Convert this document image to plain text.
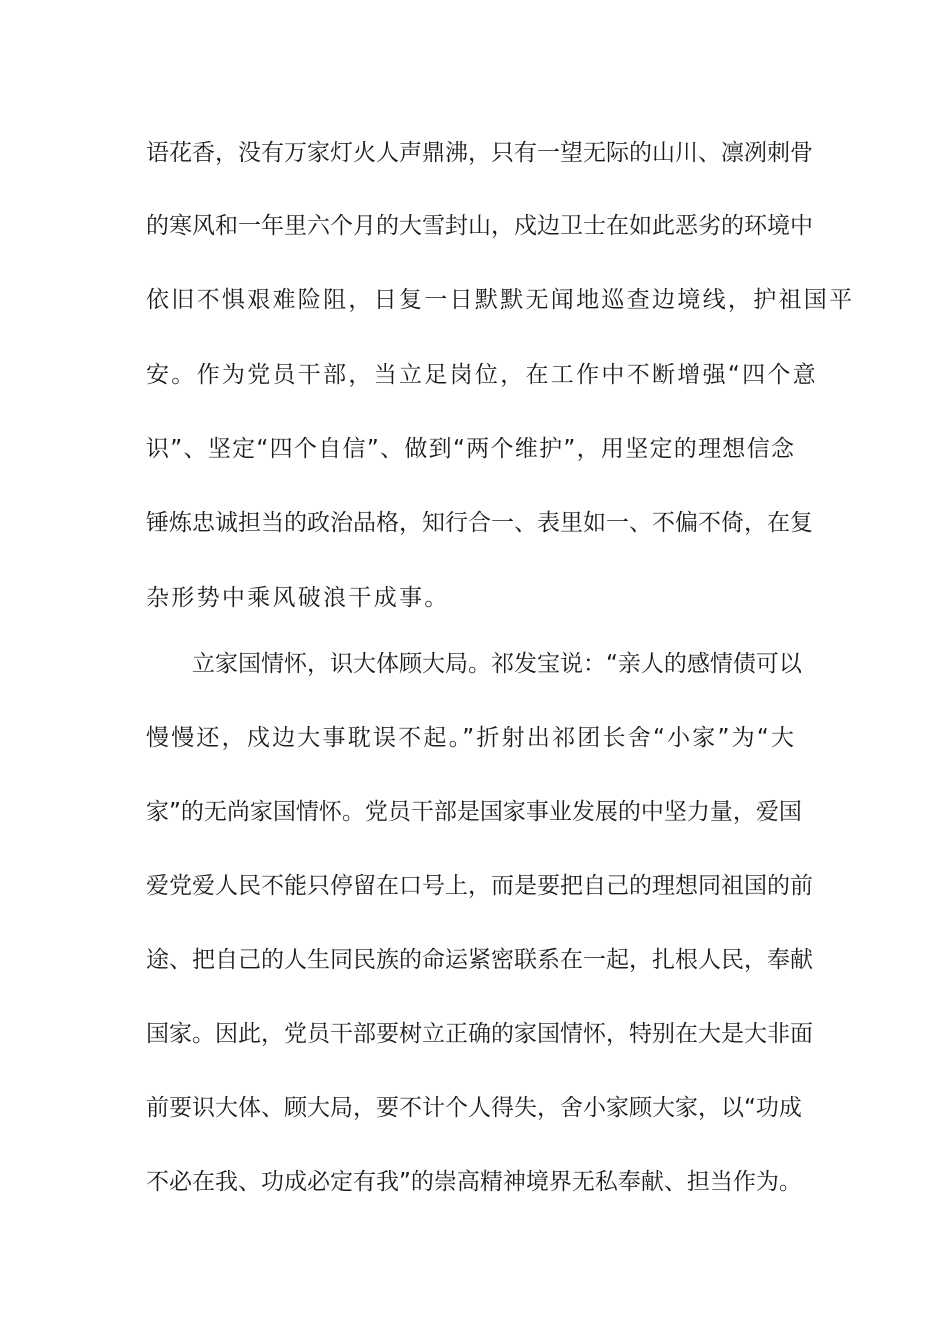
语花香，没有万家灯火人声鼎沸，只有一望无际的山川、凛冽刺骨
的寒风和一年里六个月的大雪封山，戍边卫士在如此恶劣的环境中
依旧不惧艰难险阻，日复一日默默无闻地巡查边境线，护祖国平
安。作为党员干部，当立足岗位，在工作中不断增强“四个意
识”、坚定“四个自信”、做到“两个维护”，用坚定的理想信念
锤炼忠诚担当的政治品格，知行合一、表里如一、不偏不倚，在复
杂形势中乘风破浪干成事。
立家国情怀，识大体顾大局。祁发宝说：“亲人的感情债可以
慢慢还，戍边大事耽误不起。”折射出祁团长舍“小家”为“大
家”的无尚家国情怀。党员干部是国家事业发展的中坚力量，爱国
爱党爱人民不能只停留在口号上，而是要把自己的理想同祖国的前
途、把自己的人生同民族的命运紧密联系在一起，扎根人民，奉献
国家。因此，党员干部要树立正确的家国情怀，特别在大是大非面
前要识大体、顾大局，要不计个人得失，舍小家顾大家，以“功成
不必在我、功成必定有我”的崇高精神境界无私奉献、担当作为。
